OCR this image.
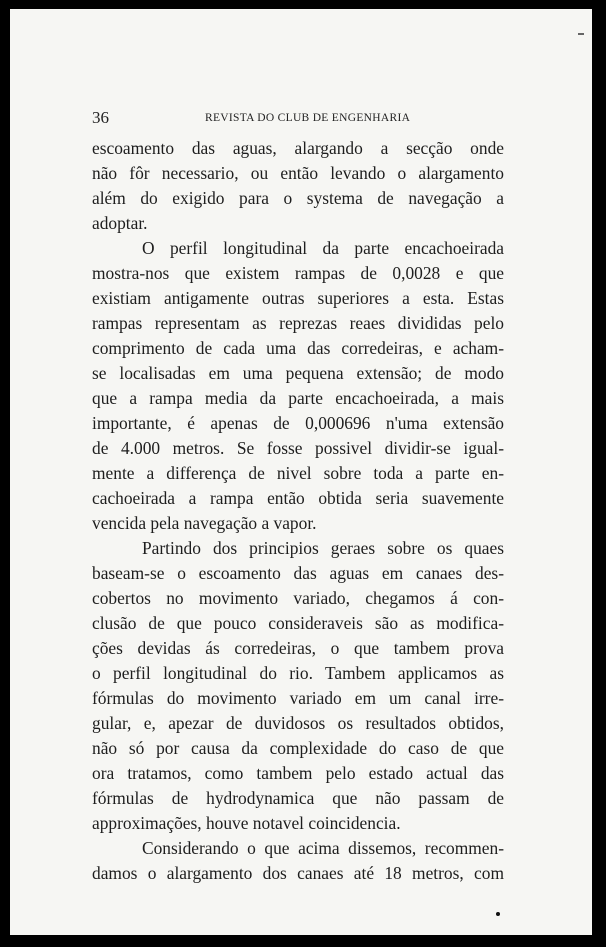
36	REVISTA DO CLUB DE ENGENHARIA
escoamento das aguas, alargando a secção onde
não fôr necessario, ou então levando o alargamento
além do exigido para o systema de navegação a
adoptar.
O perfil longitudinal da parte encachoeirada
mostra-nos que existem rampas de 0,0028 e que
existiam antigamente outras superiores a esta. Estas
rampas representam as reprezas reaes divididas pelo
comprimento de cada uma das corredeiras, e acham-
se localisadas em uma pequena extensão; de modo
que a rampa media da parte encachoeirada, a mais
importante, é apenas de 0,000696 n'uma extensão
de 4.000 metros. Se fosse possivel dividir-se igual-
mente a differença de nivel sobre toda a parte en-
cachoeirada a rampa então obtida seria suavemente
vencida pela navegação a vapor.
Partindo dos principios geraes sobre os quaes
baseam-se o escoamento das aguas em canaes des-
cobertos no movimento variado, chegamos á con-
clusão de que pouco consideraveis são as modifica-
ções devidas ás corredeiras, o que tambem prova
o perfil longitudinal do rio. Tambem applicamos as
fórmulas do movimento variado em um canal irre-
gular, e, apezar de duvidosos os resultados obtidos,
não só por causa da complexidade do caso de que
ora tratamos, como tambem pelo estado actual das
fórmulas de hydrodynamica que não passam de
approximações, houve notavel coincidencia.
Considerando o que acima dissemos, recommen-
damos o alargamento dos canaes até 18 metros, com
